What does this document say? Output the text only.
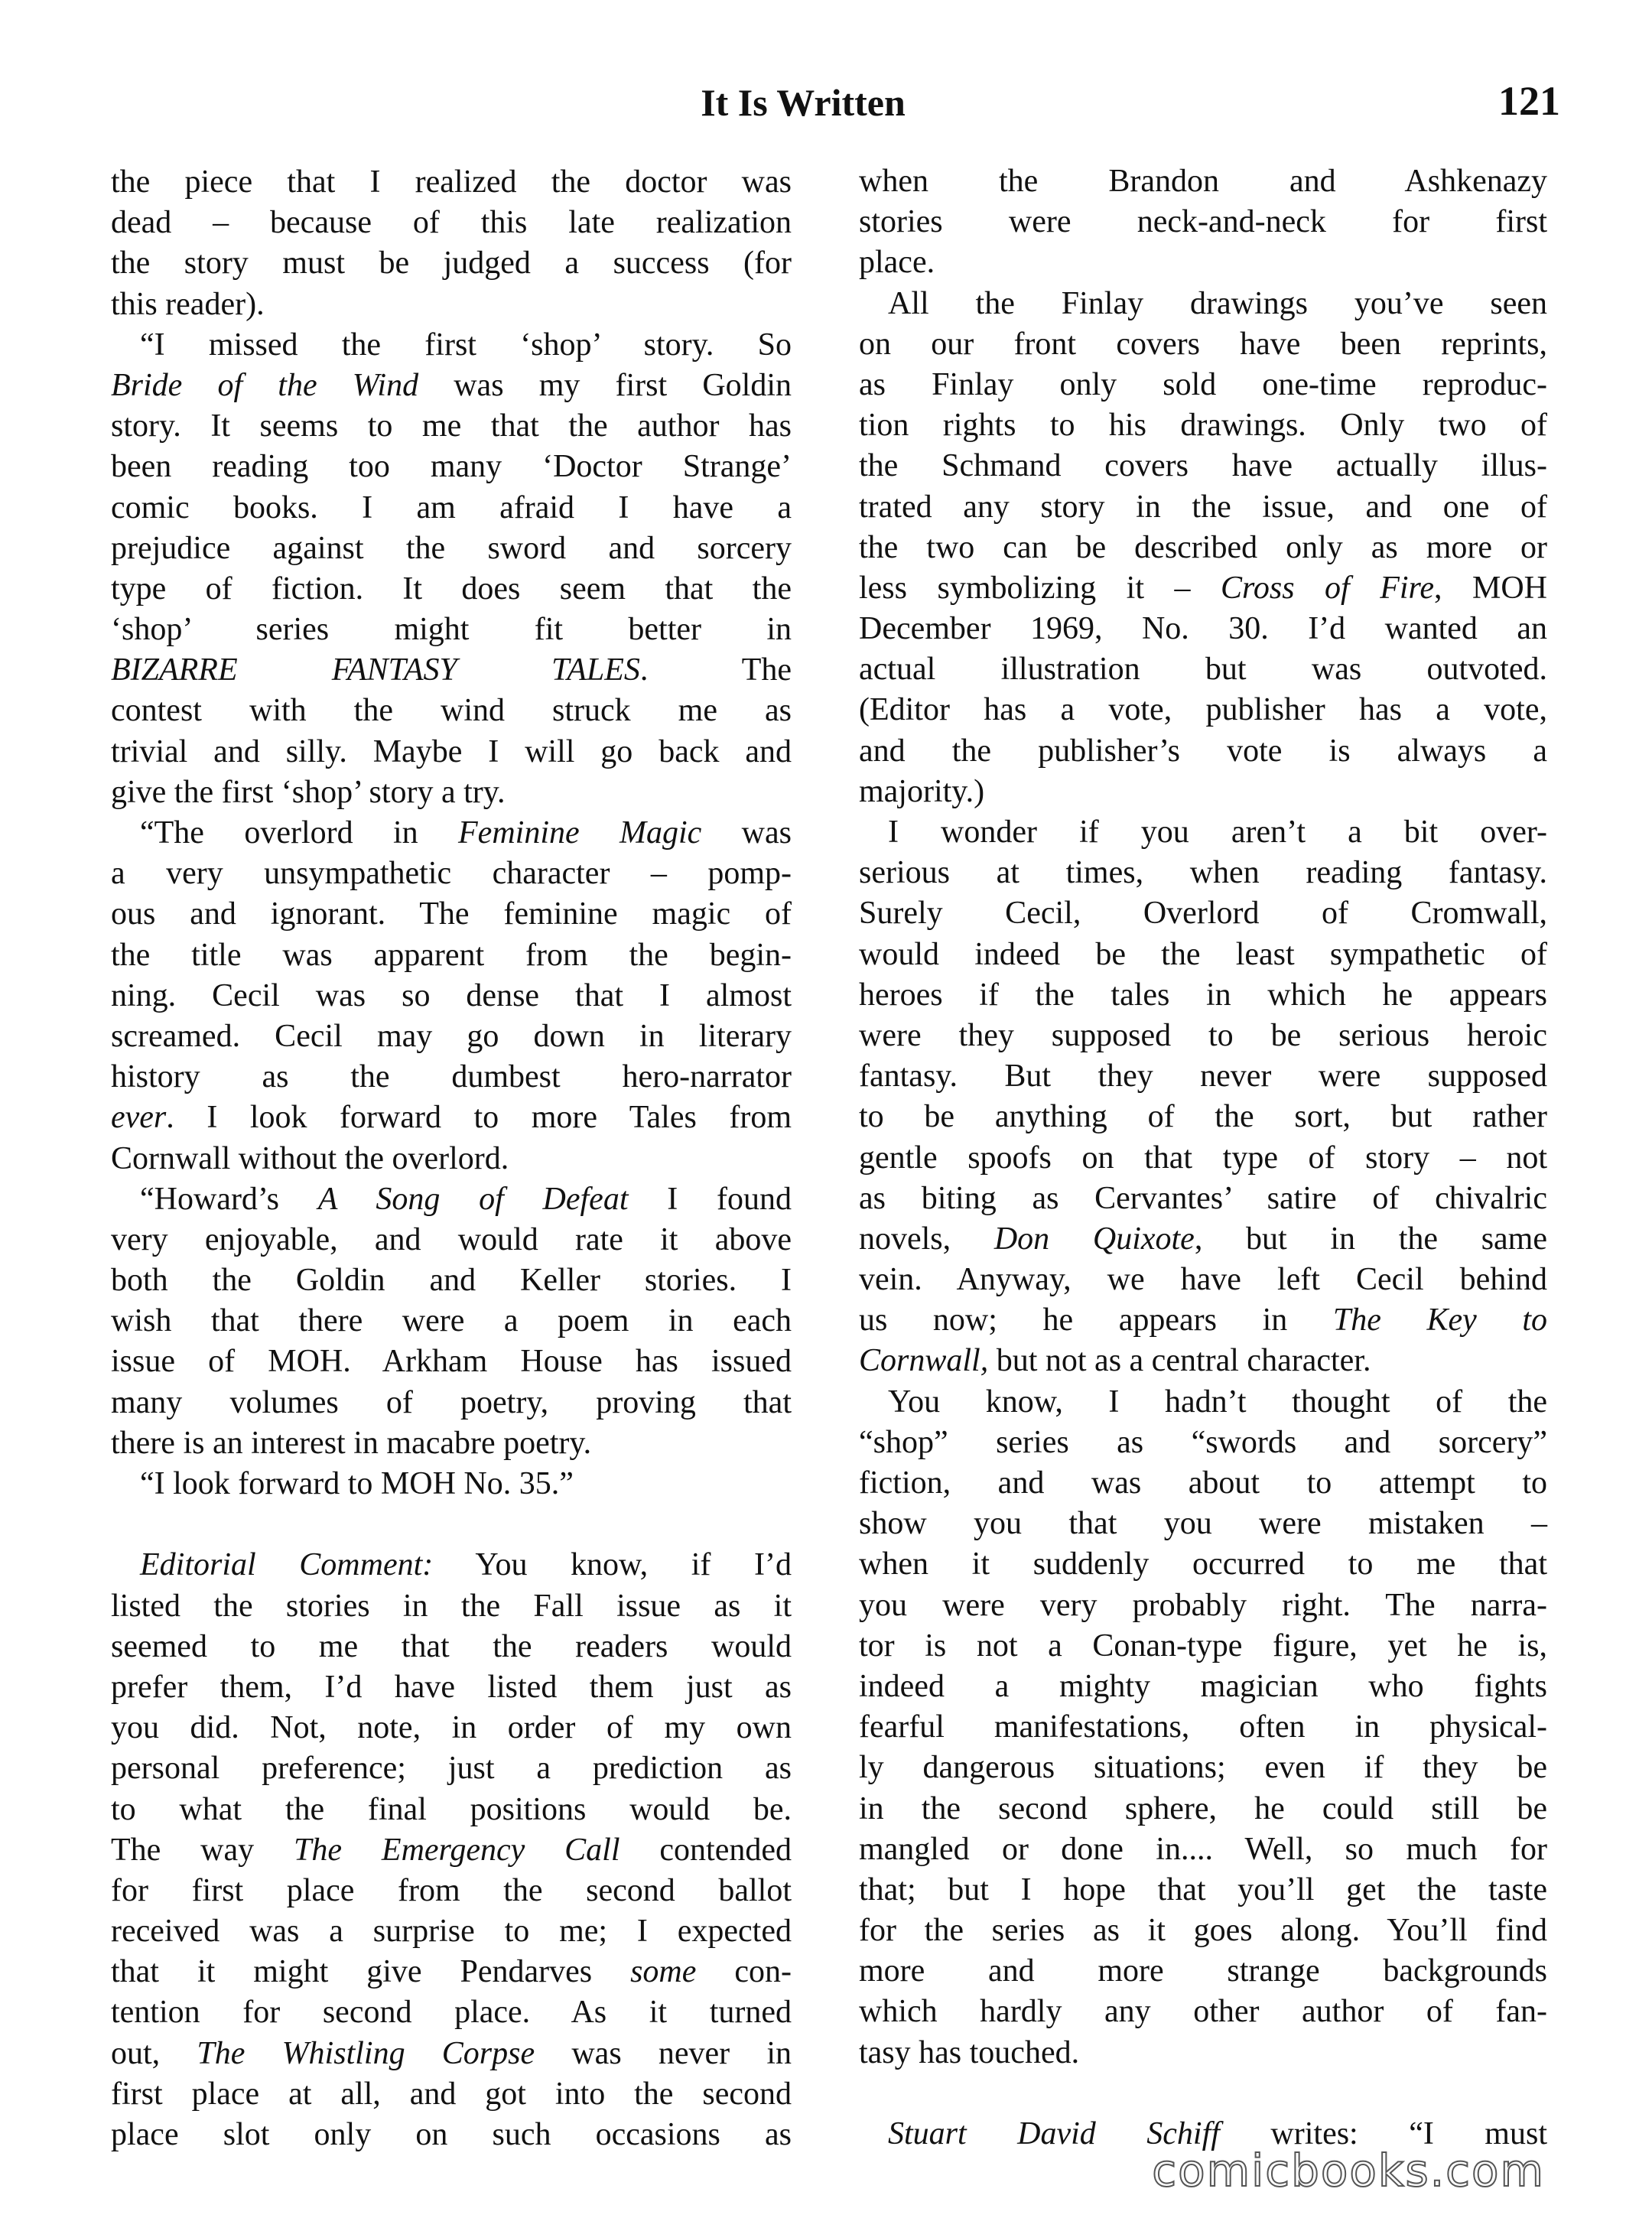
It Is Written	121
the piece that I realized the doctor was
dead – because of this late realization
the story must be judged a success (for
this reader).
“I missed the first ‘shop’ story. So
Bride of the Wind was my first Goldin
story. It seems to me that the author has
been reading too many ‘Doctor Strange’
comic books. I am afraid I have a
prejudice against the sword and sorcery
type of fiction. It does seem that the
‘shop’ series might fit better in
BIZARRE FANTASY TALES. The
contest with the wind struck me as
trivial and silly. Maybe I will go back and
give the first ‘shop’ story a try.
“The overlord in Feminine Magic was
a very unsympathetic character – pomp-
ous and ignorant. The feminine magic of
the title was apparent from the begin-
ning. Cecil was so dense that I almost
screamed. Cecil may go down in literary
history as the dumbest hero-narrator
ever. I look forward to more Tales from
Cornwall without the overlord.
“Howard’s A Song of Defeat I found
very enjoyable, and would rate it above
both the Goldin and Keller stories. I
wish that there were a poem in each
issue of MOH. Arkham House has issued
many volumes of poetry, proving that
there is an interest in macabre poetry.
“I look forward to MOH No. 35.”
Editorial Comment: You know, if I’d
listed the stories in the Fall issue as it
seemed to me that the readers would
prefer them, I’d have listed them just as
you did. Not, note, in order of my own
personal preference; just a prediction as
to what the final positions would be.
The way The Emergency Call contended
for first place from the second ballot
received was a surprise to me; I expected
that it might give Pendarves some con-
tention for second place. As it turned
out, The Whistling Corpse was never in
first place at all, and got into the second
place slot only on such occasions as
when the Brandon and Ashkenazy
stories were neck-and-neck for first
place.
All the Finlay drawings you’ve seen
on our front covers have been reprints,
as Finlay only sold one-time reproduc-
tion rights to his drawings. Only two of
the Schmand covers have actually illus-
trated any story in the issue, and one of
the two can be described only as more or
less symbolizing it – Cross of Fire, MOH
December 1969, No. 30. I’d wanted an
actual illustration but was outvoted.
(Editor has a vote, publisher has a vote,
and the publisher’s vote is always a
majority.)
I wonder if you aren’t a bit over-
serious at times, when reading fantasy.
Surely Cecil, Overlord of Cromwall,
would indeed be the least sympathetic of
heroes if the tales in which he appears
were they supposed to be serious heroic
fantasy. But they never were supposed
to be anything of the sort, but rather
gentle spoofs on that type of story – not
as biting as Cervantes’ satire of chivalric
novels, Don Quixote, but in the same
vein. Anyway, we have left Cecil behind
us now; he appears in The Key to
Cornwall, but not as a central character.
You know, I hadn’t thought of the
“shop” series as “swords and sorcery”
fiction, and was about to attempt to
show you that you were mistaken –
when it suddenly occurred to me that
you were very probably right. The narra-
tor is not a Conan-type figure, yet he is,
indeed a mighty magician who fights
fearful manifestations, often in physical-
ly dangerous situations; even if they be
in the second sphere, he could still be
mangled or done in.... Well, so much for
that; but I hope that you’ll get the taste
for the series as it goes along. You’ll find
more and more strange backgrounds
which hardly any other author of fan-
tasy has touched.
Stuart David Schiff writes: “I must
comicbooks.com
